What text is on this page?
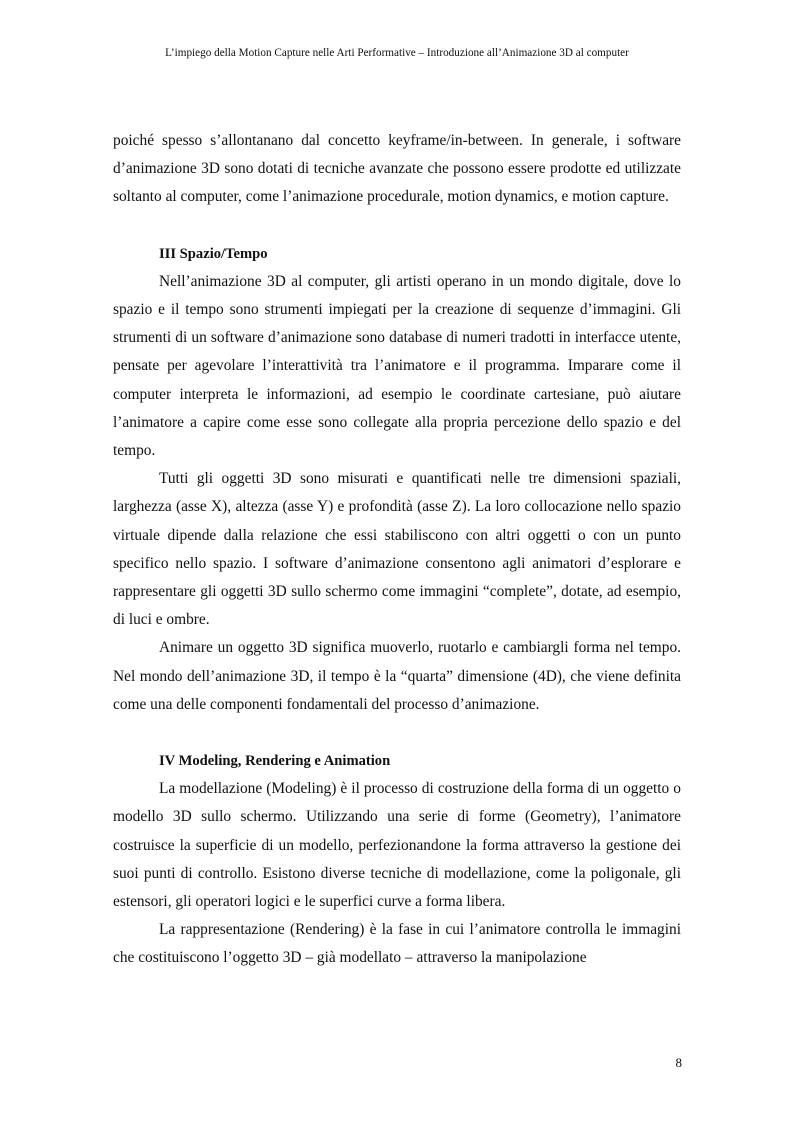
L’impiego della Motion Capture nelle Arti Performative – Introduzione all’Animazione 3D al computer

poiché spesso s’allontanano dal concetto keyframe/in-between. In generale, i software d’animazione 3D sono dotati di tecniche avanzate che possono essere prodotte ed utilizzate soltanto al computer, come l’animazione procedurale, motion dynamics, e motion capture.

III Spazio/Tempo

Nell’animazione 3D al computer, gli artisti operano in un mondo digitale, dove lo spazio e il tempo sono strumenti impiegati per la creazione di sequenze d’immagini. Gli strumenti di un software d’animazione sono database di numeri tradotti in interfacce utente, pensate per agevolare l’interattività tra l’animatore e il programma. Imparare come il computer interpreta le informazioni, ad esempio le coordinate cartesiane, può aiutare l’animatore a capire come esse sono collegate alla propria percezione dello spazio e del tempo.

Tutti gli oggetti 3D sono misurati e quantificati nelle tre dimensioni spaziali, larghezza (asse X), altezza (asse Y) e profondità (asse Z). La loro collocazione nello spazio virtuale dipende dalla relazione che essi stabiliscono con altri oggetti o con un punto specifico nello spazio. I software d’animazione consentono agli animatori d’esplorare e rappresentare gli oggetti 3D sullo schermo come immagini “complete”, dotate, ad esempio, di luci e ombre.

Animare un oggetto 3D significa muoverlo, ruotarlo e cambiargli forma nel tempo. Nel mondo dell’animazione 3D, il tempo è la “quarta” dimensione (4D), che viene definita come una delle componenti fondamentali del processo d’animazione.

IV Modeling, Rendering e Animation

La modellazione (Modeling) è il processo di costruzione della forma di un oggetto o modello 3D sullo schermo. Utilizzando una serie di forme (Geometry), l’animatore costruisce la superficie di un modello, perfezionandone la forma attraverso la gestione dei suoi punti di controllo. Esistono diverse tecniche di modellazione, come la poligonale, gli estensori, gli operatori logici e le superfici curve a forma libera.

La rappresentazione (Rendering) è la fase in cui l’animatore controlla le immagini che costituiscono l’oggetto 3D – già modellato – attraverso la manipolazione

8
